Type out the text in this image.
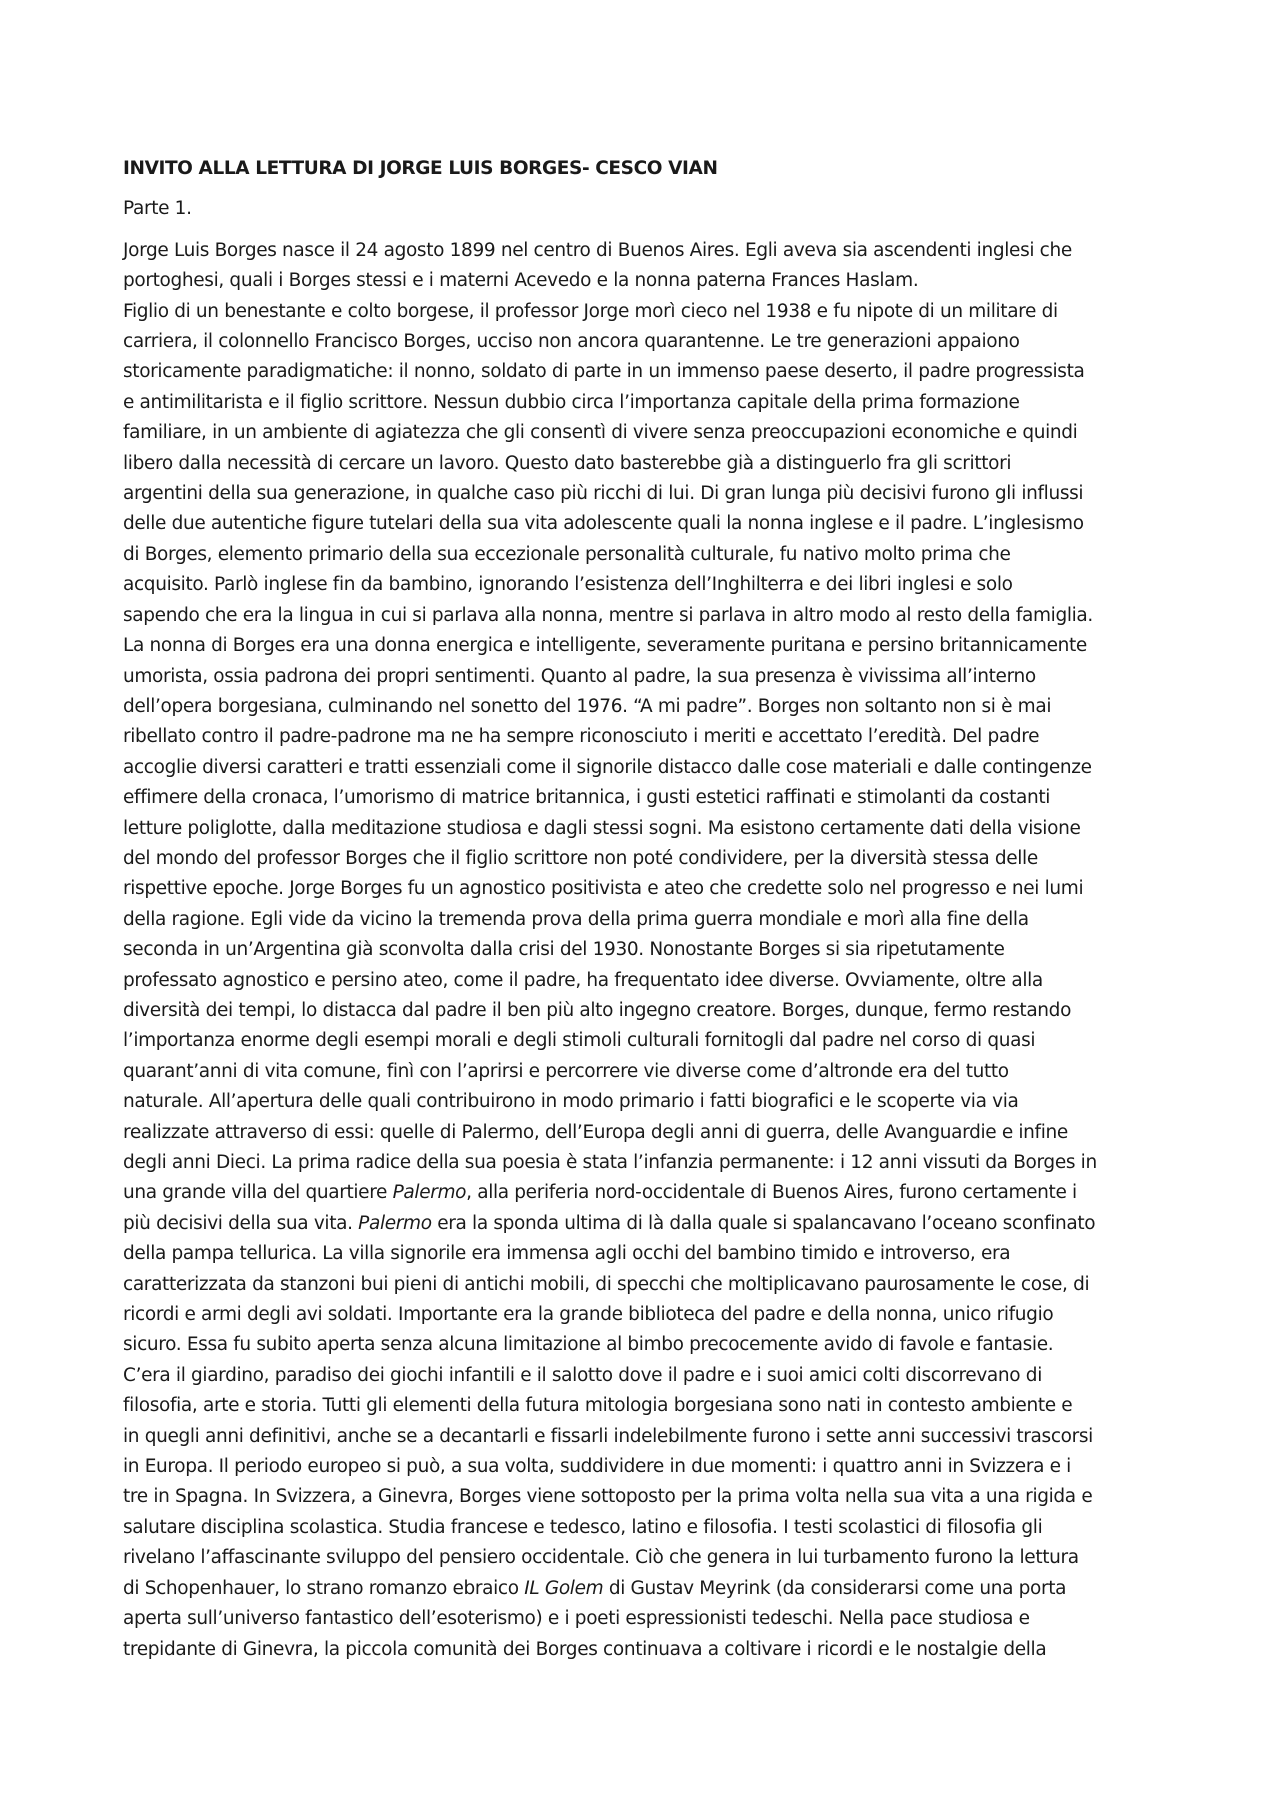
INVITO ALLA LETTURA DI JORGE LUIS BORGES- CESCO VIAN

Parte 1.

Jorge Luis Borges nasce il 24 agosto 1899 nel centro di Buenos Aires. Egli aveva sia ascendenti inglesi che
portoghesi, quali i Borges stessi e i materni Acevedo e la nonna paterna Frances Haslam.
Figlio di un benestante e colto borgese, il professor Jorge morì cieco nel 1938 e fu nipote di un militare di
carriera, il colonnello Francisco Borges, ucciso non ancora quarantenne. Le tre generazioni appaiono
storicamente paradigmatiche: il nonno, soldato di parte in un immenso paese deserto, il padre progressista
e antimilitarista e il figlio scrittore. Nessun dubbio circa l’importanza capitale della prima formazione
familiare, in un ambiente di agiatezza che gli consentì di vivere senza preoccupazioni economiche e quindi
libero dalla necessità di cercare un lavoro. Questo dato basterebbe già a distinguerlo fra gli scrittori
argentini della sua generazione, in qualche caso più ricchi di lui. Di gran lunga più decisivi furono gli influssi
delle due autentiche figure tutelari della sua vita adolescente quali la nonna inglese e il padre. L’inglesismo
di Borges, elemento primario della sua eccezionale personalità culturale, fu nativo molto prima che
acquisito. Parlò inglese fin da bambino, ignorando l’esistenza dell’Inghilterra e dei libri inglesi e solo
sapendo che era la lingua in cui si parlava alla nonna, mentre si parlava in altro modo al resto della famiglia.
La nonna di Borges era una donna energica e intelligente, severamente puritana e persino britannicamente
umorista, ossia padrona dei propri sentimenti. Quanto al padre, la sua presenza è vivissima all’interno
dell’opera borgesiana, culminando nel sonetto del 1976. “A mi padre”. Borges non soltanto non si è mai
ribellato contro il padre-padrone ma ne ha sempre riconosciuto i meriti e accettato l’eredità. Del padre
accoglie diversi caratteri e tratti essenziali come il signorile distacco dalle cose materiali e dalle contingenze
effimere della cronaca, l’umorismo di matrice britannica, i gusti estetici raffinati e stimolanti da costanti
letture poliglotte, dalla meditazione studiosa e dagli stessi sogni. Ma esistono certamente dati della visione
del mondo del professor Borges che il figlio scrittore non poté condividere, per la diversità stessa delle
rispettive epoche. Jorge Borges fu un agnostico positivista e ateo che credette solo nel progresso e nei lumi
della ragione. Egli vide da vicino la tremenda prova della prima guerra mondiale e morì alla fine della
seconda in un’Argentina già sconvolta dalla crisi del 1930. Nonostante Borges si sia ripetutamente
professato agnostico e persino ateo, come il padre, ha frequentato idee diverse. Ovviamente, oltre alla
diversità dei tempi, lo distacca dal padre il ben più alto ingegno creatore. Borges, dunque, fermo restando
l’importanza enorme degli esempi morali e degli stimoli culturali fornitogli dal padre nel corso di quasi
quarant’anni di vita comune, finì con l’aprirsi e percorrere vie diverse come d’altronde era del tutto
naturale. All’apertura delle quali contribuirono in modo primario i fatti biografici e le scoperte via via
realizzate attraverso di essi: quelle di Palermo, dell’Europa degli anni di guerra, delle Avanguardie e infine
degli anni Dieci. La prima radice della sua poesia è stata l’infanzia permanente: i 12 anni vissuti da Borges in
una grande villa del quartiere Palermo, alla periferia nord-occidentale di Buenos Aires, furono certamente i
più decisivi della sua vita. Palermo era la sponda ultima di là dalla quale si spalancavano l’oceano sconfinato
della pampa tellurica. La villa signorile era immensa agli occhi del bambino timido e introverso, era
caratterizzata da stanzoni bui pieni di antichi mobili, di specchi che moltiplicavano paurosamente le cose, di
ricordi e armi degli avi soldati. Importante era la grande biblioteca del padre e della nonna, unico rifugio
sicuro. Essa fu subito aperta senza alcuna limitazione al bimbo precocemente avido di favole e fantasie.
C’era il giardino, paradiso dei giochi infantili e il salotto dove il padre e i suoi amici colti discorrevano di
filosofia, arte e storia. Tutti gli elementi della futura mitologia borgesiana sono nati in contesto ambiente e
in quegli anni definitivi, anche se a decantarli e fissarli indelebilmente furono i sette anni successivi trascorsi
in Europa. Il periodo europeo si può, a sua volta, suddividere in due momenti: i quattro anni in Svizzera e i
tre in Spagna. In Svizzera, a Ginevra, Borges viene sottoposto per la prima volta nella sua vita a una rigida e
salutare disciplina scolastica. Studia francese e tedesco, latino e filosofia. I testi scolastici di filosofia gli
rivelano l’affascinante sviluppo del pensiero occidentale. Ciò che genera in lui turbamento furono la lettura
di Schopenhauer, lo strano romanzo ebraico IL Golem di Gustav Meyrink (da considerarsi come una porta
aperta sull’universo fantastico dell’esoterismo) e i poeti espressionisti tedeschi. Nella pace studiosa e
trepidante di Ginevra, la piccola comunità dei Borges continuava a coltivare i ricordi e le nostalgie della
